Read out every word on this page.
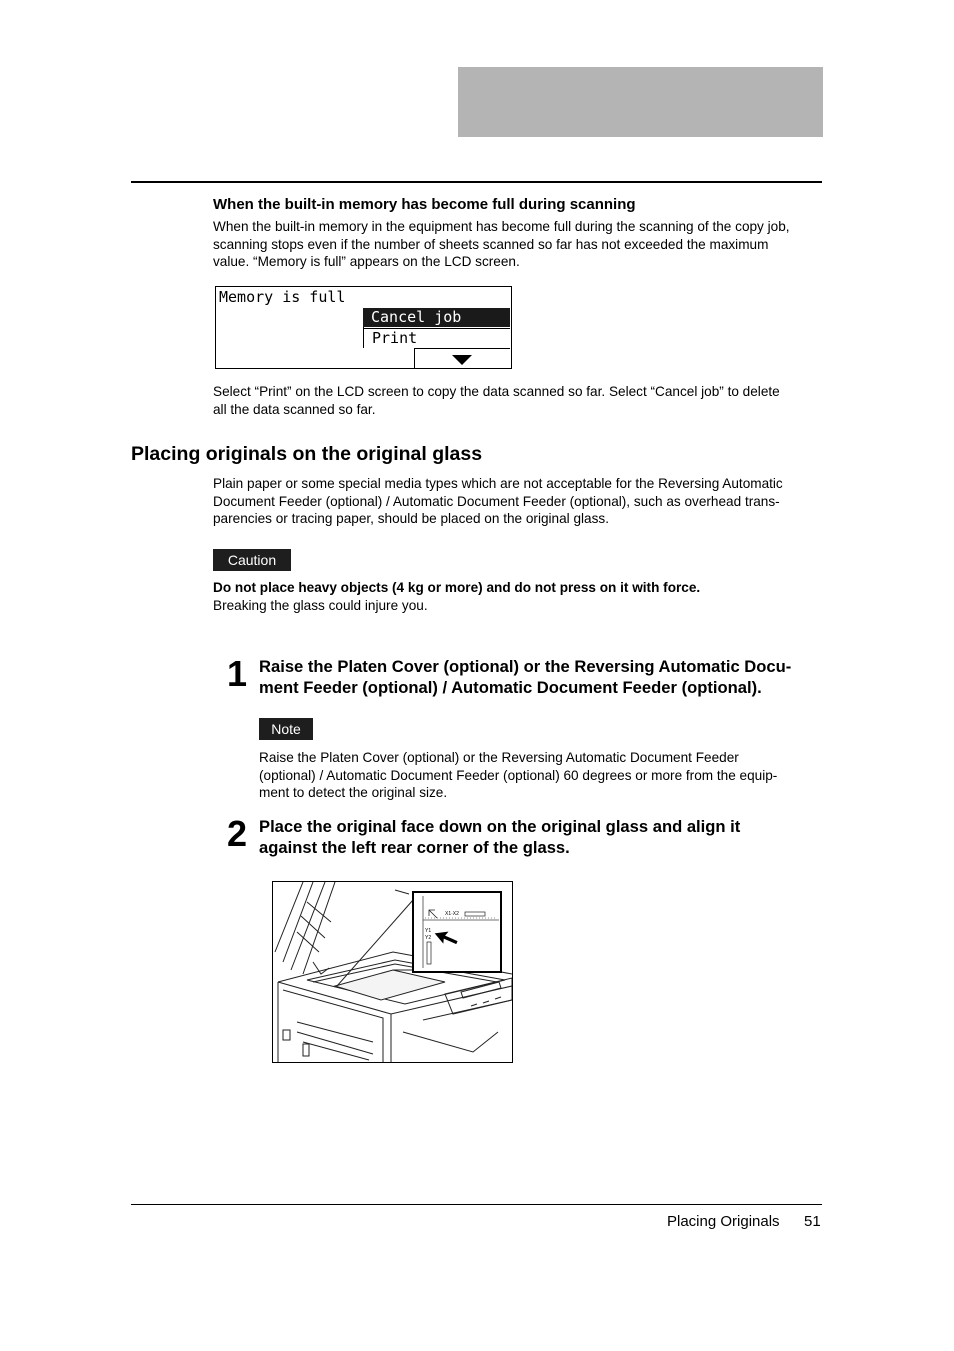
When the built-in memory has become full during scanning
When the built-in memory in the equipment has become full during the scanning of the copy job,
scanning stops even if the number of sheets scanned so far has not exceeded the maximum
value. “Memory is full” appears on the LCD screen.
Memory is full
Cancel job
Print
Select “Print” on the LCD screen to copy the data scanned so far. Select “Cancel job” to delete
all the data scanned so far.
Placing originals on the original glass
Plain paper or some special media types which are not acceptable for the Reversing Automatic
Document Feeder (optional) / Automatic Document Feeder (optional), such as overhead trans-
parencies or tracing paper, should be placed on the original glass.
Caution
Do not place heavy objects (4 kg or more) and do not press on it with force.
Breaking the glass could injure you.
1 Raise the Platen Cover (optional) or the Reversing Automatic Docu-
ment Feeder (optional) / Automatic Document Feeder (optional).
Note
Raise the Platen Cover (optional) or the Reversing Automatic Document Feeder
(optional) / Automatic Document Feeder (optional) 60 degrees or more from the equip-
ment to detect the original size.
2 Place the original face down on the original glass and align it
against the left rear corner of the glass.
X1·X2
Y1
Y2
Placing Originals 51
